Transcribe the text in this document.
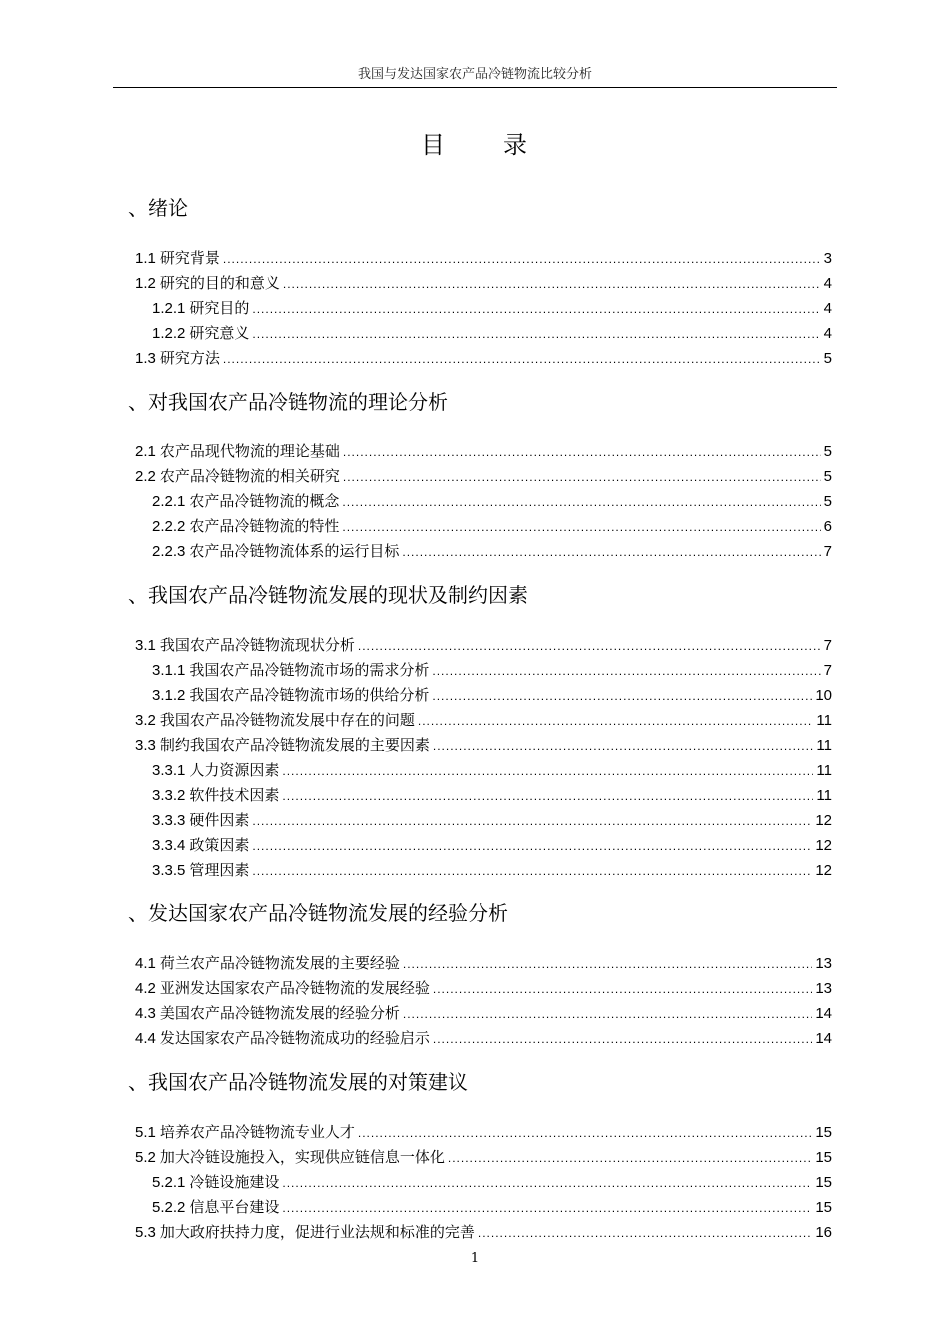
我国与发达国家农产品冷链物流比较分析
目 录
、绪论
1.1 研究背景 .....	3
1.2 研究的目的和意义 .....	4
1.2.1 研究目的 .....	4
1.2.2 研究意义 .....	4
1.3 研究方法 .....	5
、对我国农产品冷链物流的理论分析
2.1 农产品现代物流的理论基础 .....	5
2.2 农产品冷链物流的相关研究 .....	5
2.2.1 农产品冷链物流的概念 .....	5
2.2.2 农产品冷链物流的特性 .....	6
2.2.3 农产品冷链物流体系的运行目标 .....	7
、我国农产品冷链物流发展的现状及制约因素
3.1 我国农产品冷链物流现状分析 .....	7
3.1.1 我国农产品冷链物流市场的需求分析 .....	7
3.1.2 我国农产品冷链物流市场的供给分析 .....	10
3.2 我国农产品冷链物流发展中存在的问题 .....	11
3.3 制约我国农产品冷链物流发展的主要因素 .....	11
3.3.1 人力资源因素 .....	11
3.3.2 软件技术因素 .....	11
3.3.3 硬件因素 .....	12
3.3.4 政策因素 .....	12
3.3.5 管理因素 .....	12
、发达国家农产品冷链物流发展的经验分析
4.1 荷兰农产品冷链物流发展的主要经验 .....	13
4.2 亚洲发达国家农产品冷链物流的发展经验 .....	13
4.3 美国农产品冷链物流发展的经验分析 .....	14
4.4 发达国家农产品冷链物流成功的经验启示 .....	14
、我国农产品冷链物流发展的对策建议
5.1 培养农产品冷链物流专业人才 .....	15
5.2 加大冷链设施投入，实现供应链信息一体化 .....	15
5.2.1 冷链设施建设 .....	15
5.2.2 信息平台建设 .....	15
5.3 加大政府扶持力度，促进行业法规和标准的完善 .....	16
1
